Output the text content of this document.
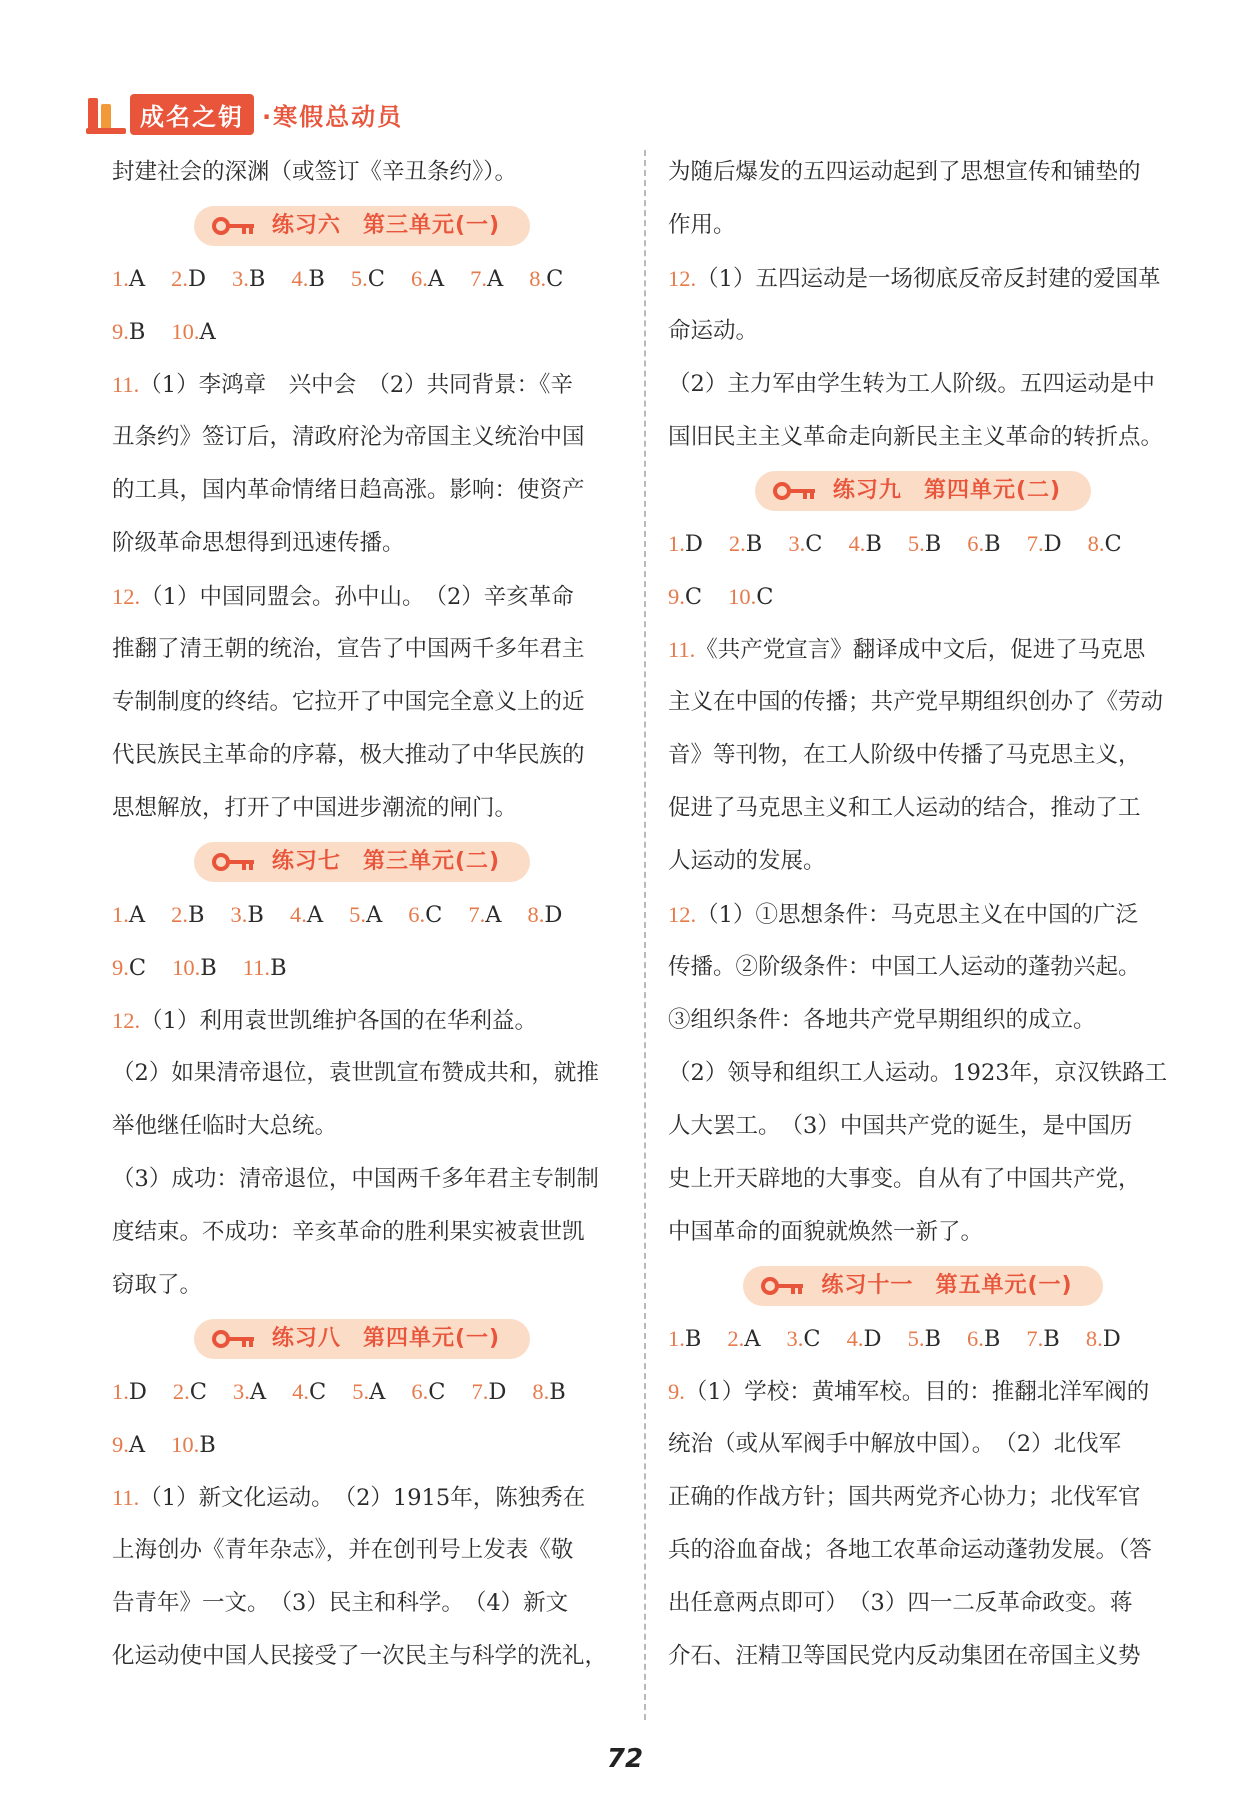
成名之钥 ·寒假总动员
封建社会的深渊（或签订《辛丑条约》）。
练习六 第三单元(一)
1.A 2.D 3.B 4.B 5.C 6.A 7.A 8.C
9.B 10.A
11.（1）李鸿章　兴中会　（2）共同背景：《辛
丑条约》签订后，清政府沦为帝国主义统治中国
的工具，国内革命情绪日趋高涨。影响：使资产
阶级革命思想得到迅速传播。
12.（1）中国同盟会。孙中山。　（2）辛亥革命
推翻了清王朝的统治，宣告了中国两千多年君主
专制制度的终结。它拉开了中国完全意义上的近
代民族民主革命的序幕，极大推动了中华民族的
思想解放，打开了中国进步潮流的闸门。
练习七 第三单元(二)
1.A 2.B 3.B 4.A 5.A 6.C 7.A 8.D
9.C 10.B 11.B
12.（1）利用袁世凯维护各国的在华利益。
（2）如果清帝退位，袁世凯宣布赞成共和，就推
举他继任临时大总统。
（3）成功：清帝退位，中国两千多年君主专制制
度结束。不成功：辛亥革命的胜利果实被袁世凯
窃取了。
练习八 第四单元(一)
1.D 2.C 3.A 4.C 5.A 6.C 7.D 8.B
9.A 10.B
11.（1）新文化运动。　（2）1915年，陈独秀在
上海创办《青年杂志》，并在创刊号上发表《敬
告青年》一文。　（3）民主和科学。　（4）新文
化运动使中国人民接受了一次民主与科学的洗礼，
为随后爆发的五四运动起到了思想宣传和铺垫的
作用。
12.（1）五四运动是一场彻底反帝反封建的爱国革
命运动。
（2）主力军由学生转为工人阶级。五四运动是中
国旧民主主义革命走向新民主主义革命的转折点。
练习九 第四单元(二)
1.D 2.B 3.C 4.B 5.B 6.B 7.D 8.C
9.C 10.C
11.《共产党宣言》翻译成中文后，促进了马克思
主义在中国的传播；共产党早期组织创办了《劳动
音》等刊物，在工人阶级中传播了马克思主义，
促进了马克思主义和工人运动的结合，推动了工
人运动的发展。
12.（1）①思想条件：马克思主义在中国的广泛
传播。②阶级条件：中国工人运动的蓬勃兴起。
③组织条件：各地共产党早期组织的成立。
（2）领导和组织工人运动。1923年，京汉铁路工
人大罢工。　（3）中国共产党的诞生，是中国历
史上开天辟地的大事变。自从有了中国共产党，
中国革命的面貌就焕然一新了。
练习十一 第五单元(一)
1.B 2.A 3.C 4.D 5.B 6.B 7.B 8.D
9.（1）学校：黄埔军校。目的：推翻北洋军阀的
统治（或从军阀手中解放中国）。　（2）北伐军
正确的作战方针；国共两党齐心协力；北伐军官
兵的浴血奋战；各地工农革命运动蓬勃发展。（答
出任意两点即可）　（3）四一二反革命政变。蒋
介石、汪精卫等国民党内反动集团在帝国主义势
72
